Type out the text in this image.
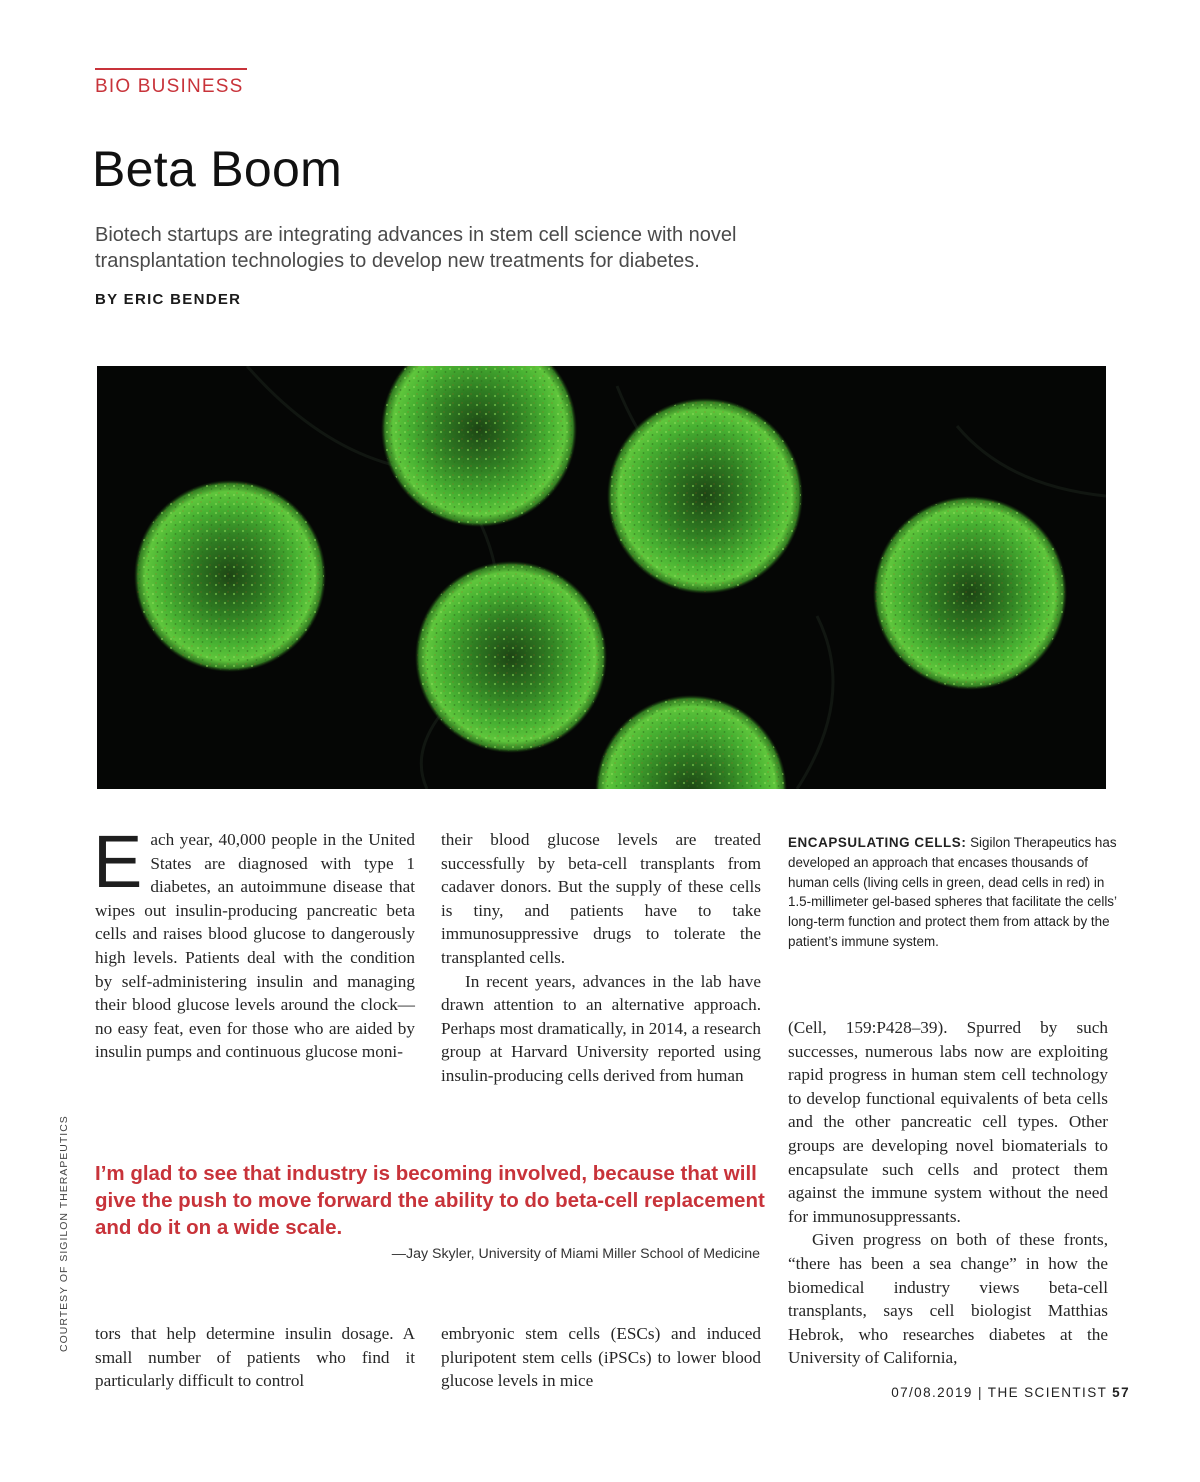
BIO BUSINESS
Beta Boom
Biotech startups are integrating advances in stem cell science with novel transplantation technologies to develop new treatments for diabetes.
BY ERIC BENDER
COURTESY OF SIGILON THERAPEUTICS

Each year, 40,000 people in the United States are diagnosed with type 1 diabetes, an autoimmune disease that wipes out insulin-producing pancreatic beta cells and raises blood glucose to dangerously high levels. Patients deal with the condition by self-administering insulin and managing their blood glucose levels around the clock—no easy feat, even for those who are aided by insulin pumps and continuous glucose moni-

their blood glucose levels are treated successfully by beta-cell transplants from cadaver donors. But the supply of these cells is tiny, and patients have to take immunosuppressive drugs to tolerate the transplanted cells.

In recent years, advances in the lab have drawn attention to an alternative approach. Perhaps most dramatically, in 2014, a research group at Harvard University reported using insulin-producing cells derived from human

ENCAPSULATING CELLS: Sigilon Therapeutics has developed an approach that encases thousands of human cells (living cells in green, dead cells in red) in 1.5-millimeter gel-based spheres that facilitate the cells’ long-term function and protect them from attack by the patient’s immune system.

(Cell, 159:P428–39). Spurred by such successes, numerous labs now are exploiting rapid progress in human stem cell technology to develop functional equivalents of beta cells and the other pancreatic cell types. Other groups are developing novel biomaterials to encapsulate such cells and protect them against the immune system without the need for immunosuppressants.

Given progress on both of these fronts, “there has been a sea change” in how the biomedical industry views beta-cell transplants, says cell biologist Matthias Hebrok, who researches diabetes at the University of California,

I’m glad to see that industry is becoming involved, because that will give the push to move forward the ability to do beta-cell replacement and do it on a wide scale.
—Jay Skyler, University of Miami Miller School of Medicine

tors that help determine insulin dosage. A small number of patients who find it particularly difficult to control

embryonic stem cells (ESCs) and induced pluripotent stem cells (iPSCs) to lower blood glucose levels in mice

07/08.2019 | THE SCIENTIST 57
